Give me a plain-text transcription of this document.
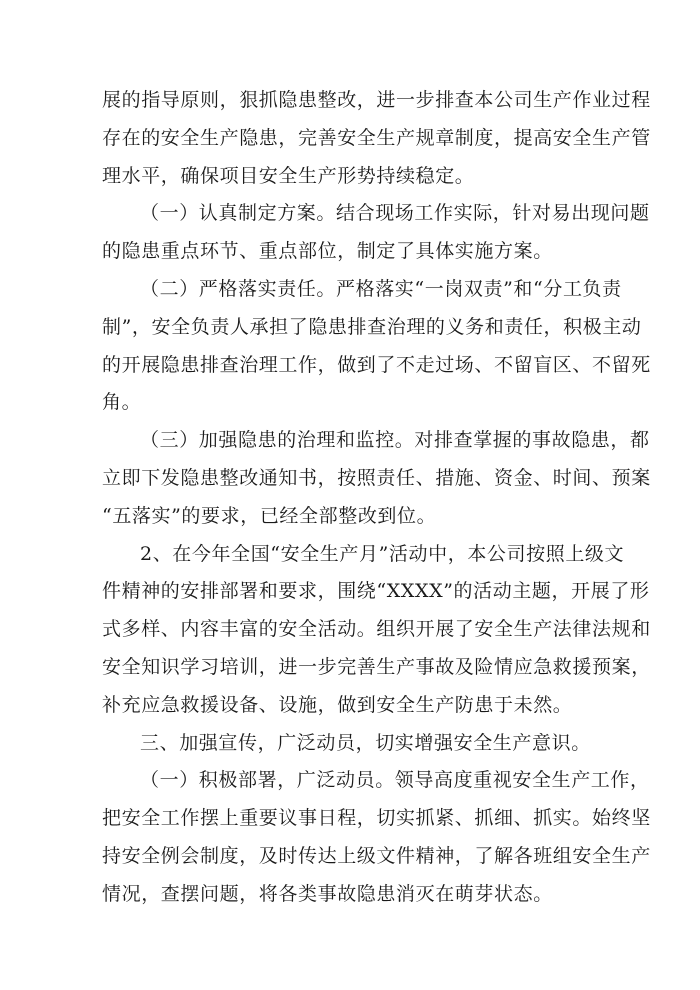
展的指导原则，狠抓隐患整改，进一步排查本公司生产作业过程
存在的安全生产隐患，完善安全生产规章制度，提高安全生产管
理水平，确保项目安全生产形势持续稳定。
（一）认真制定方案。结合现场工作实际，针对易出现问题
的隐患重点环节、重点部位，制定了具体实施方案。
（二）严格落实责任。严格落实“一岗双责”和“分工负责
制”，安全负责人承担了隐患排查治理的义务和责任，积极主动
的开展隐患排查治理工作，做到了不走过场、不留盲区、不留死
角。
（三）加强隐患的治理和监控。对排查掌握的事故隐患，都
立即下发隐患整改通知书，按照责任、措施、资金、时间、预案
“五落实”的要求，已经全部整改到位。
2、在今年全国“安全生产月”活动中，本公司按照上级文
件精神的安排部署和要求，围绕“XXXX”的活动主题，开展了形
式多样、内容丰富的安全活动。组织开展了安全生产法律法规和
安全知识学习培训，进一步完善生产事故及险情应急救援预案，
补充应急救援设备、设施，做到安全生产防患于未然。
三、加强宣传，广泛动员，切实增强安全生产意识。
（一）积极部署，广泛动员。领导高度重视安全生产工作，
把安全工作摆上重要议事日程，切实抓紧、抓细、抓实。始终坚
持安全例会制度，及时传达上级文件精神，了解各班组安全生产
情况，查摆问题，将各类事故隐患消灭在萌芽状态。
